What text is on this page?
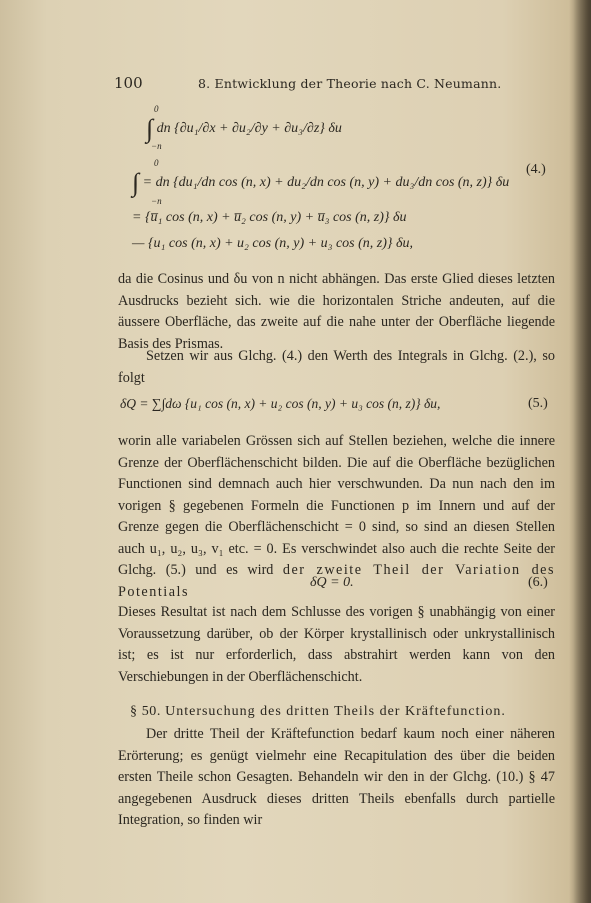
100	8. Entwicklung der Theorie nach C. Neumann.
0
−n
∫ dn {∂u₁/∂x + ∂u₂/∂y + ∂u₃/∂z} δu
0
−n
∫ = dn {du₁/dn cos (n, x) + du₂/dn cos (n, y) + du₃/dn cos (n, z)} δu
(4.)
= {u̅₁ cos (n, x) + u̅₂ cos (n, y) + u̅₃ cos (n, z)} δu
— {u₁ cos (n, x) + u₂ cos (n, y) + u₃ cos (n, z)} δu,
da die Cosinus und δu von n nicht abhängen. Das erste Glied dieses letzten Ausdrucks bezieht sich. wie die horizontalen Striche andeuten, auf die äussere Oberfläche, das zweite auf die nahe unter der Oberfläche liegende Basis des Prismas.
Setzen wir aus Glchg. (4.) den Werth des Integrals in Glchg. (2.), so folgt
δQ = ∑∫dω {u₁ cos (n, x) + u₂ cos (n, y) + u₃ cos (n, z)} δu,	(5.)
worin alle variabelen Grössen sich auf Stellen beziehen, welche die innere Grenze der Oberflächenschicht bilden. Die auf die Oberfläche bezüglichen Functionen sind demnach auch hier verschwunden. Da nun nach den im vorigen § gegebenen Formeln die Functionen p im Innern und auf der Grenze gegen die Oberflächenschicht = 0 sind, so sind an diesen Stellen auch u₁, u₂, u₃, v₁ etc. = 0. Es verschwindet also auch die rechte Seite der Glchg. (5.) und es wird der zweite Theil der Variation des Potentials
δQ = 0.	(6.)
Dieses Resultat ist nach dem Schlusse des vorigen § unabhängig von einer Voraussetzung darüber, ob der Körper krystallinisch oder unkrystallinisch ist; es ist nur erforderlich, dass abstrahirt werden kann von den Verschiebungen in der Oberflächenschicht.
§ 50. Untersuchung des dritten Theils der Kräftefunction.
Der dritte Theil der Kräftefunction bedarf kaum noch einer näheren Erörterung; es genügt vielmehr eine Recapitulation des über die beiden ersten Theile schon Gesagten. Behandeln wir den in der Glchg. (10.) § 47 angegebenen Ausdruck dieses dritten Theils ebenfalls durch partielle Integration, so finden wir
